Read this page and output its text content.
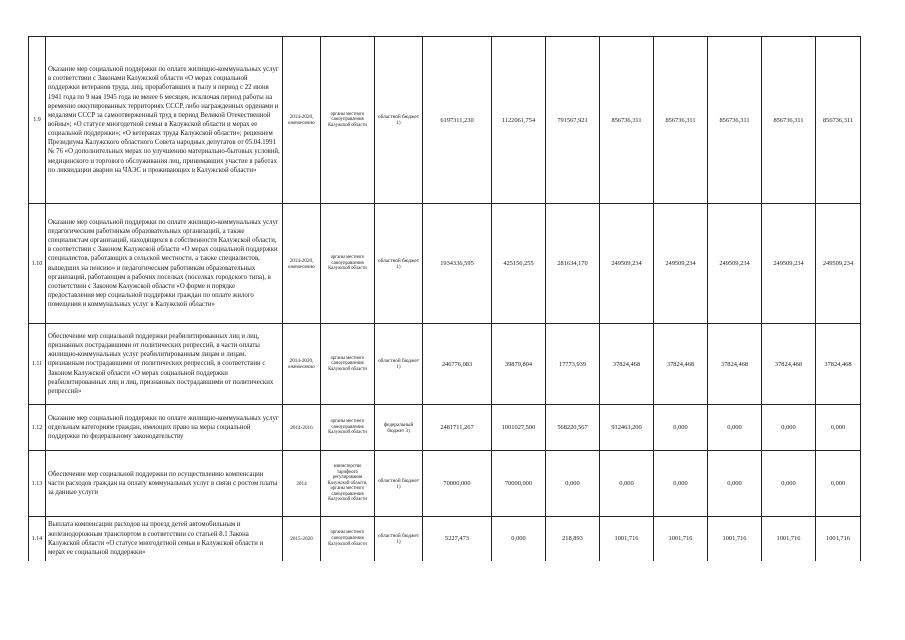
1.9	Оказание мер социальной поддержки по оплате жилищно-коммунальных услуг в соответствии с Законами Калужской области «О мерах социальной поддержки ветеранов труда, лиц, проработавших в тылу в период с 22 июня 1941 года по 9 мая 1945 года не менее 6 месяцев, исключая период работы на временно оккупированных территориях СССР, либо награжденных орденами и медалями СССР за самоотверженный труд в период Великой Отечественной войны»; «О статусе многодетной семьи в Калужской области и мерах ее социальной поддержки»; «О ветеранах труда Калужской области»; решением Президиума Калужского областного Совета народных депутатов от 05.04.1991 № 76 «О дополнительных мерах по улучшению материально-бытовых условий, медицинского и торгового обслуживания лиц, принимавших участие в работах по ликвидации аварии на ЧАЭС и проживающих в Калужской области»	2014-2020, ежемесячно	органы местного самоуправления Калужской области	областной бюджет 1)	6197311,230	1122061,754	791567,921	856736,311	856736,311	856736,311	856736,311	856736,311
1.10	Оказание мер социальной поддержки по оплате жилищно-коммунальных услуг педагогическим работникам образовательных организаций, а также специалистам организаций, находящихся в собственности Калужской области, в соответствии с Законом Калужской области «О мерах социальной поддержки специалистов, работающих в сельской местности, а также специалистов, вышедших на пенсию» и педагогическим работникам образовательных организаций, работающим в рабочих поселках (поселках городского типа), в соответствии с Законом Калужской области «О форме и порядке предоставления мер социальной поддержки граждан по оплате жилого помещения и коммунальных услуг в Калужской области»	2014-2020, ежемесячно	органы местного самоуправления Калужской области	областной бюджет 1)	1934336,595	425156,255	281634,170	249509,234	249509,234	249509,234	249509,234	249509,234
1.11	Обеспечение мер социальной поддержки реабилитированных лиц и лиц, признанных пострадавшими от политических репрессий, в части оплаты жилищно-коммунальных услуг реабилитированным лицам и лицам, признанным пострадавшими от политических репрессий, в соответствии с Законом Калужской области «О мерах социальной поддержки реабилитированных лиц и лиц, признанных пострадавшими от политических репрессий»	2014-2020, ежемесячно	органы местного самоуправления Калужской области	областной бюджет 1)	246776,083	39879,804	17773,939	37824,468	37824,468	37824,468	37824,468	37824,468
1.12	Оказание мер социальной поддержки по оплате жилищно-коммунальных услуг отдельным категориям граждан, имеющих право на меры социальной поддержки по федеральному законодательству	2014-2016	органы местного самоуправления Калужской области	федеральный бюджет 3)	2481711,267	1001027,500	568220,567	912463,200	0,000	0,000	0,000	0,000
1.13	Обеспечение мер социальной поддержки по осуществлению компенсации части расходов граждан на оплату коммунальных услуг в связи с ростом платы за данные услуги	2014	министерство тарифного регулирования Калужской области, органы местного самоуправления Калужской области	областной бюджет 1)	70000,000	70000,000	0,000	0,000	0,000	0,000	0,000	0,000
1.14	Выплата компенсации расходов на проезд детей автомобильным и железнодорожным транспортом в соответствии со статьей 8.1 Закона Калужской области «О статусе многодетной семьи в Калужской области и мерах ее социальной поддержки»	2015-2020	органы местного самоуправления Калужской области	областной бюджет 1)	5227,473	0,000	218,893	1001,716	1001,716	1001,716	1001,716	1001,716
